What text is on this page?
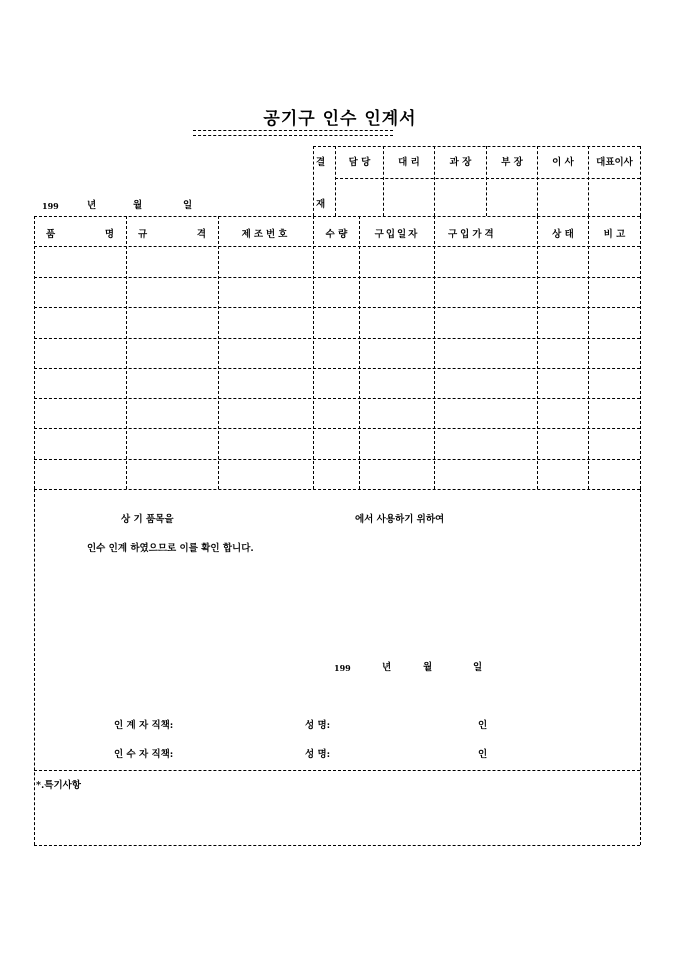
공기구 인수 인계서
결
재
담 당	대 리	과 장	부 장	이 사	대표이사
199	년	월	일
품 명	규 격	제조번호	수 량	구입일자	구입가격	상 태	비 고
상 기 품목을	에서 사용하기 위하여
인수 인계 하였으므로 이를 확인 합니다.
199	년	월	일
인 계 자 직책:	성 명:	인
인 수 자 직책:	성 명:	인
*.특기사항
